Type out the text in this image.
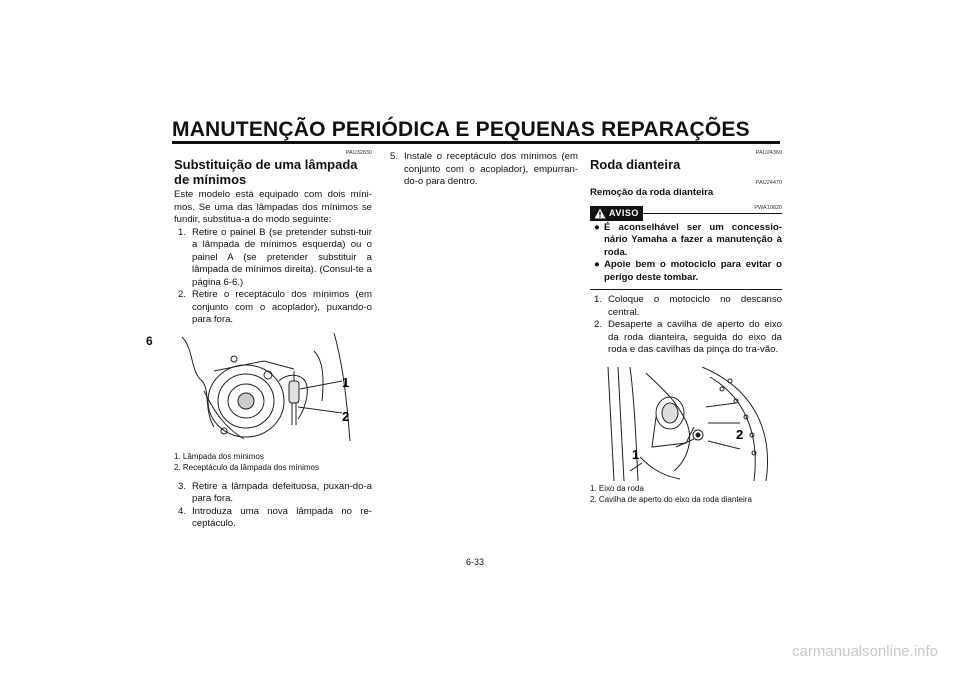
MANUTENÇÃO PERIÓDICA E PEQUENAS REPARAÇÕES
6
PAU32830
Substituição de uma lâmpada de mínimos

Este modelo está equipado com dois míni-mos. Se uma das lâmpadas dos mínimos se fundir, substitua-a do modo seguinte:

1. Retire o painel B (se pretender substi-tuir a lâmpada de mínimos esquerda) ou o painel A (se pretender substituir a lâmpada de mínimos direita). (Consul-te a página 6-6.)
2. Retire o receptáculo dos mínimos (em conjunto com o acoplador), puxando-o para fora.
1
2
1. Lâmpada dos mínimos
2. Receptáculo da lâmpada dos mínimos
3. Retire a lâmpada defeituosa, puxan-do-a para fora.
4. Introduza uma nova lâmpada no re-ceptáculo.
5. Instale o receptáculo dos mínimos (em conjunto com o acoplador), empurran-do-o para dentro.
PAU24360
Roda dianteira
PAU24470
Remoção da roda dianteira
AVISO
PWA10820
● É aconselhável ser um concessio-nário Yamaha a fazer a manutenção à roda.
● Apoie bem o motociclo para evitar o perigo deste tombar.
1. Coloque o motociclo no descanso central.
2. Desaperte a cavilha de aperto do eixo da roda dianteira, seguida do eixo da roda e das cavilhas da pinça do tra-vão.
1
2
1. Eixo da roda
2. Cavilha de aperto do eixo da roda dianteira
6-33
carmanualsonline.info
